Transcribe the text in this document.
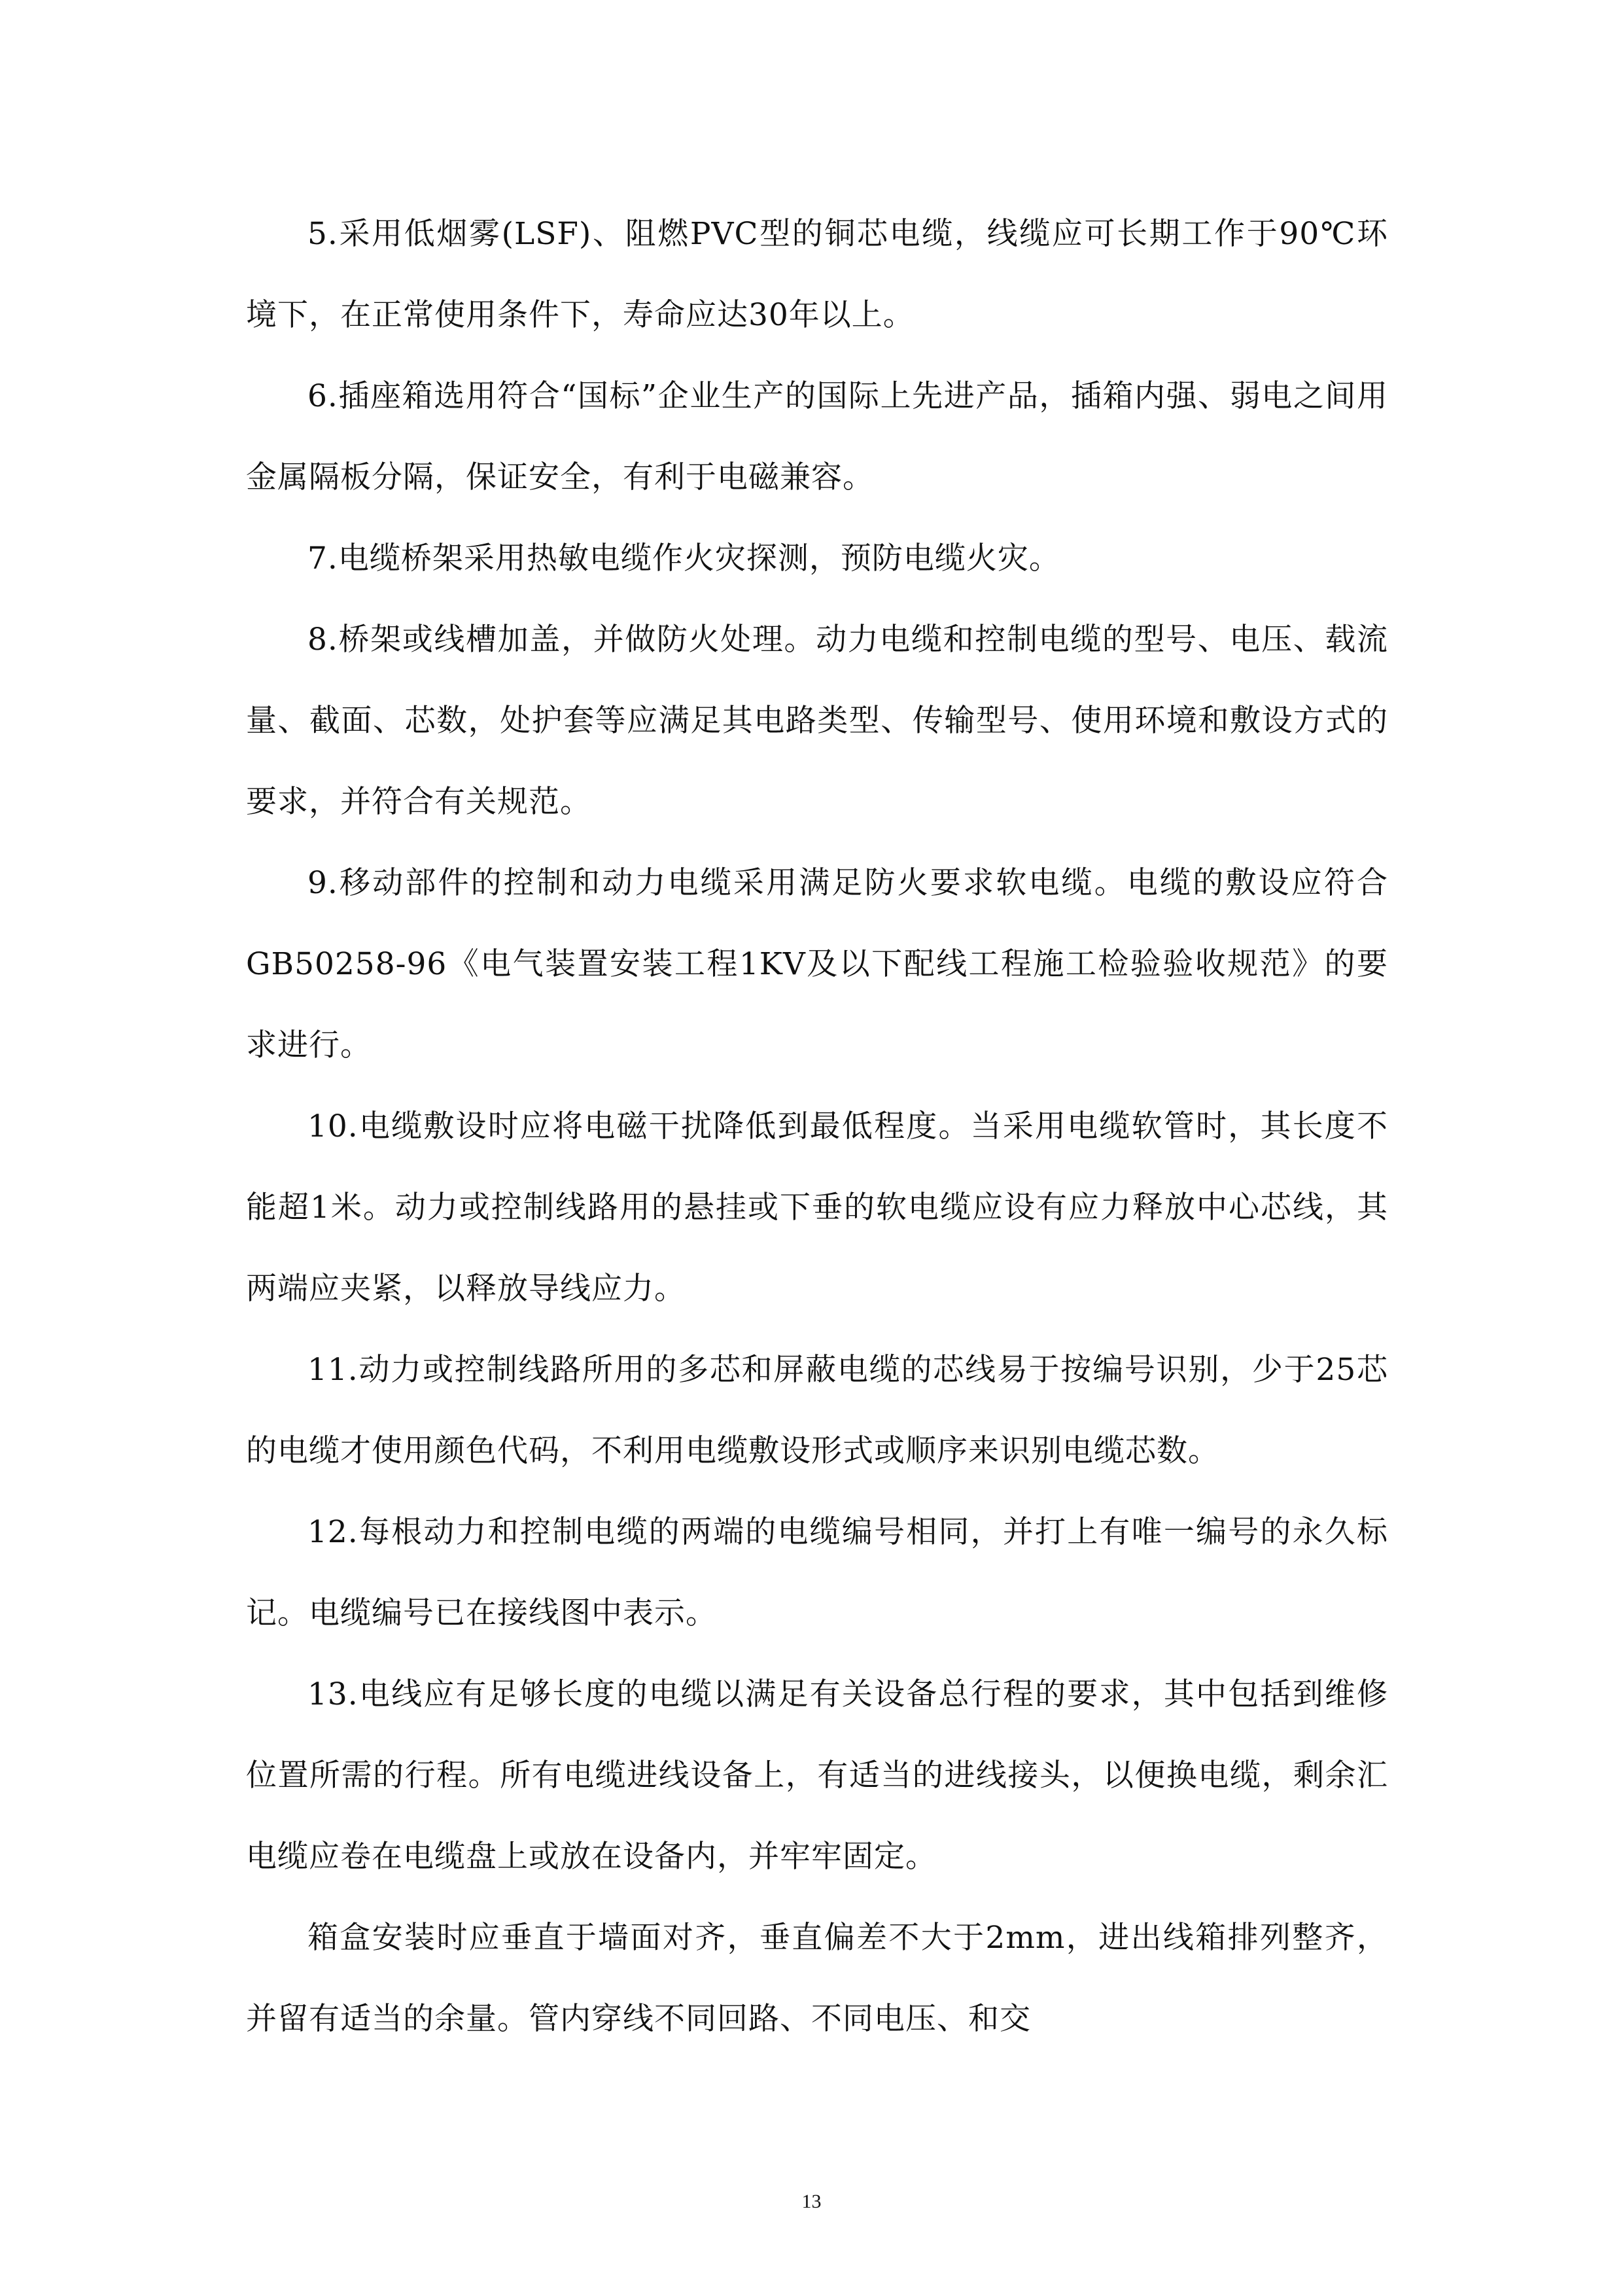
5.采用低烟雾(LSF)、阻燃PVC型的铜芯电缆，线缆应可长期工作于90℃环境下，在正常使用条件下，寿命应达30年以上。

6.插座箱选用符合“国标”企业生产的国际上先进产品，插箱内强、弱电之间用金属隔板分隔，保证安全，有利于电磁兼容。

7.电缆桥架采用热敏电缆作火灾探测，预防电缆火灾。

8.桥架或线槽加盖，并做防火处理。动力电缆和控制电缆的型号、电压、载流量、截面、芯数，处护套等应满足其电路类型、传输型号、使用环境和敷设方式的要求，并符合有关规范。

9.移动部件的控制和动力电缆采用满足防火要求软电缆。电缆的敷设应符合GB50258-96《电气装置安装工程1KV及以下配线工程施工检验验收规范》的要求进行。

10.电缆敷设时应将电磁干扰降低到最低程度。当采用电缆软管时，其长度不能超1米。动力或控制线路用的悬挂或下垂的软电缆应设有应力释放中心芯线，其两端应夹紧，以释放导线应力。

11.动力或控制线路所用的多芯和屏蔽电缆的芯线易于按编号识别，少于25芯的电缆才使用颜色代码，不利用电缆敷设形式或顺序来识别电缆芯数。

12.每根动力和控制电缆的两端的电缆编号相同，并打上有唯一编号的永久标记。电缆编号已在接线图中表示。

13.电线应有足够长度的电缆以满足有关设备总行程的要求，其中包括到维修位置所需的行程。所有电缆进线设备上，有适当的进线接头，以便换电缆，剩余汇电缆应卷在电缆盘上或放在设备内，并牢牢固定。

箱盒安装时应垂直于墙面对齐，垂直偏差不大于2mm，进出线箱排列整齐，并留有适当的余量。管内穿线不同回路、不同电压、和交

13
